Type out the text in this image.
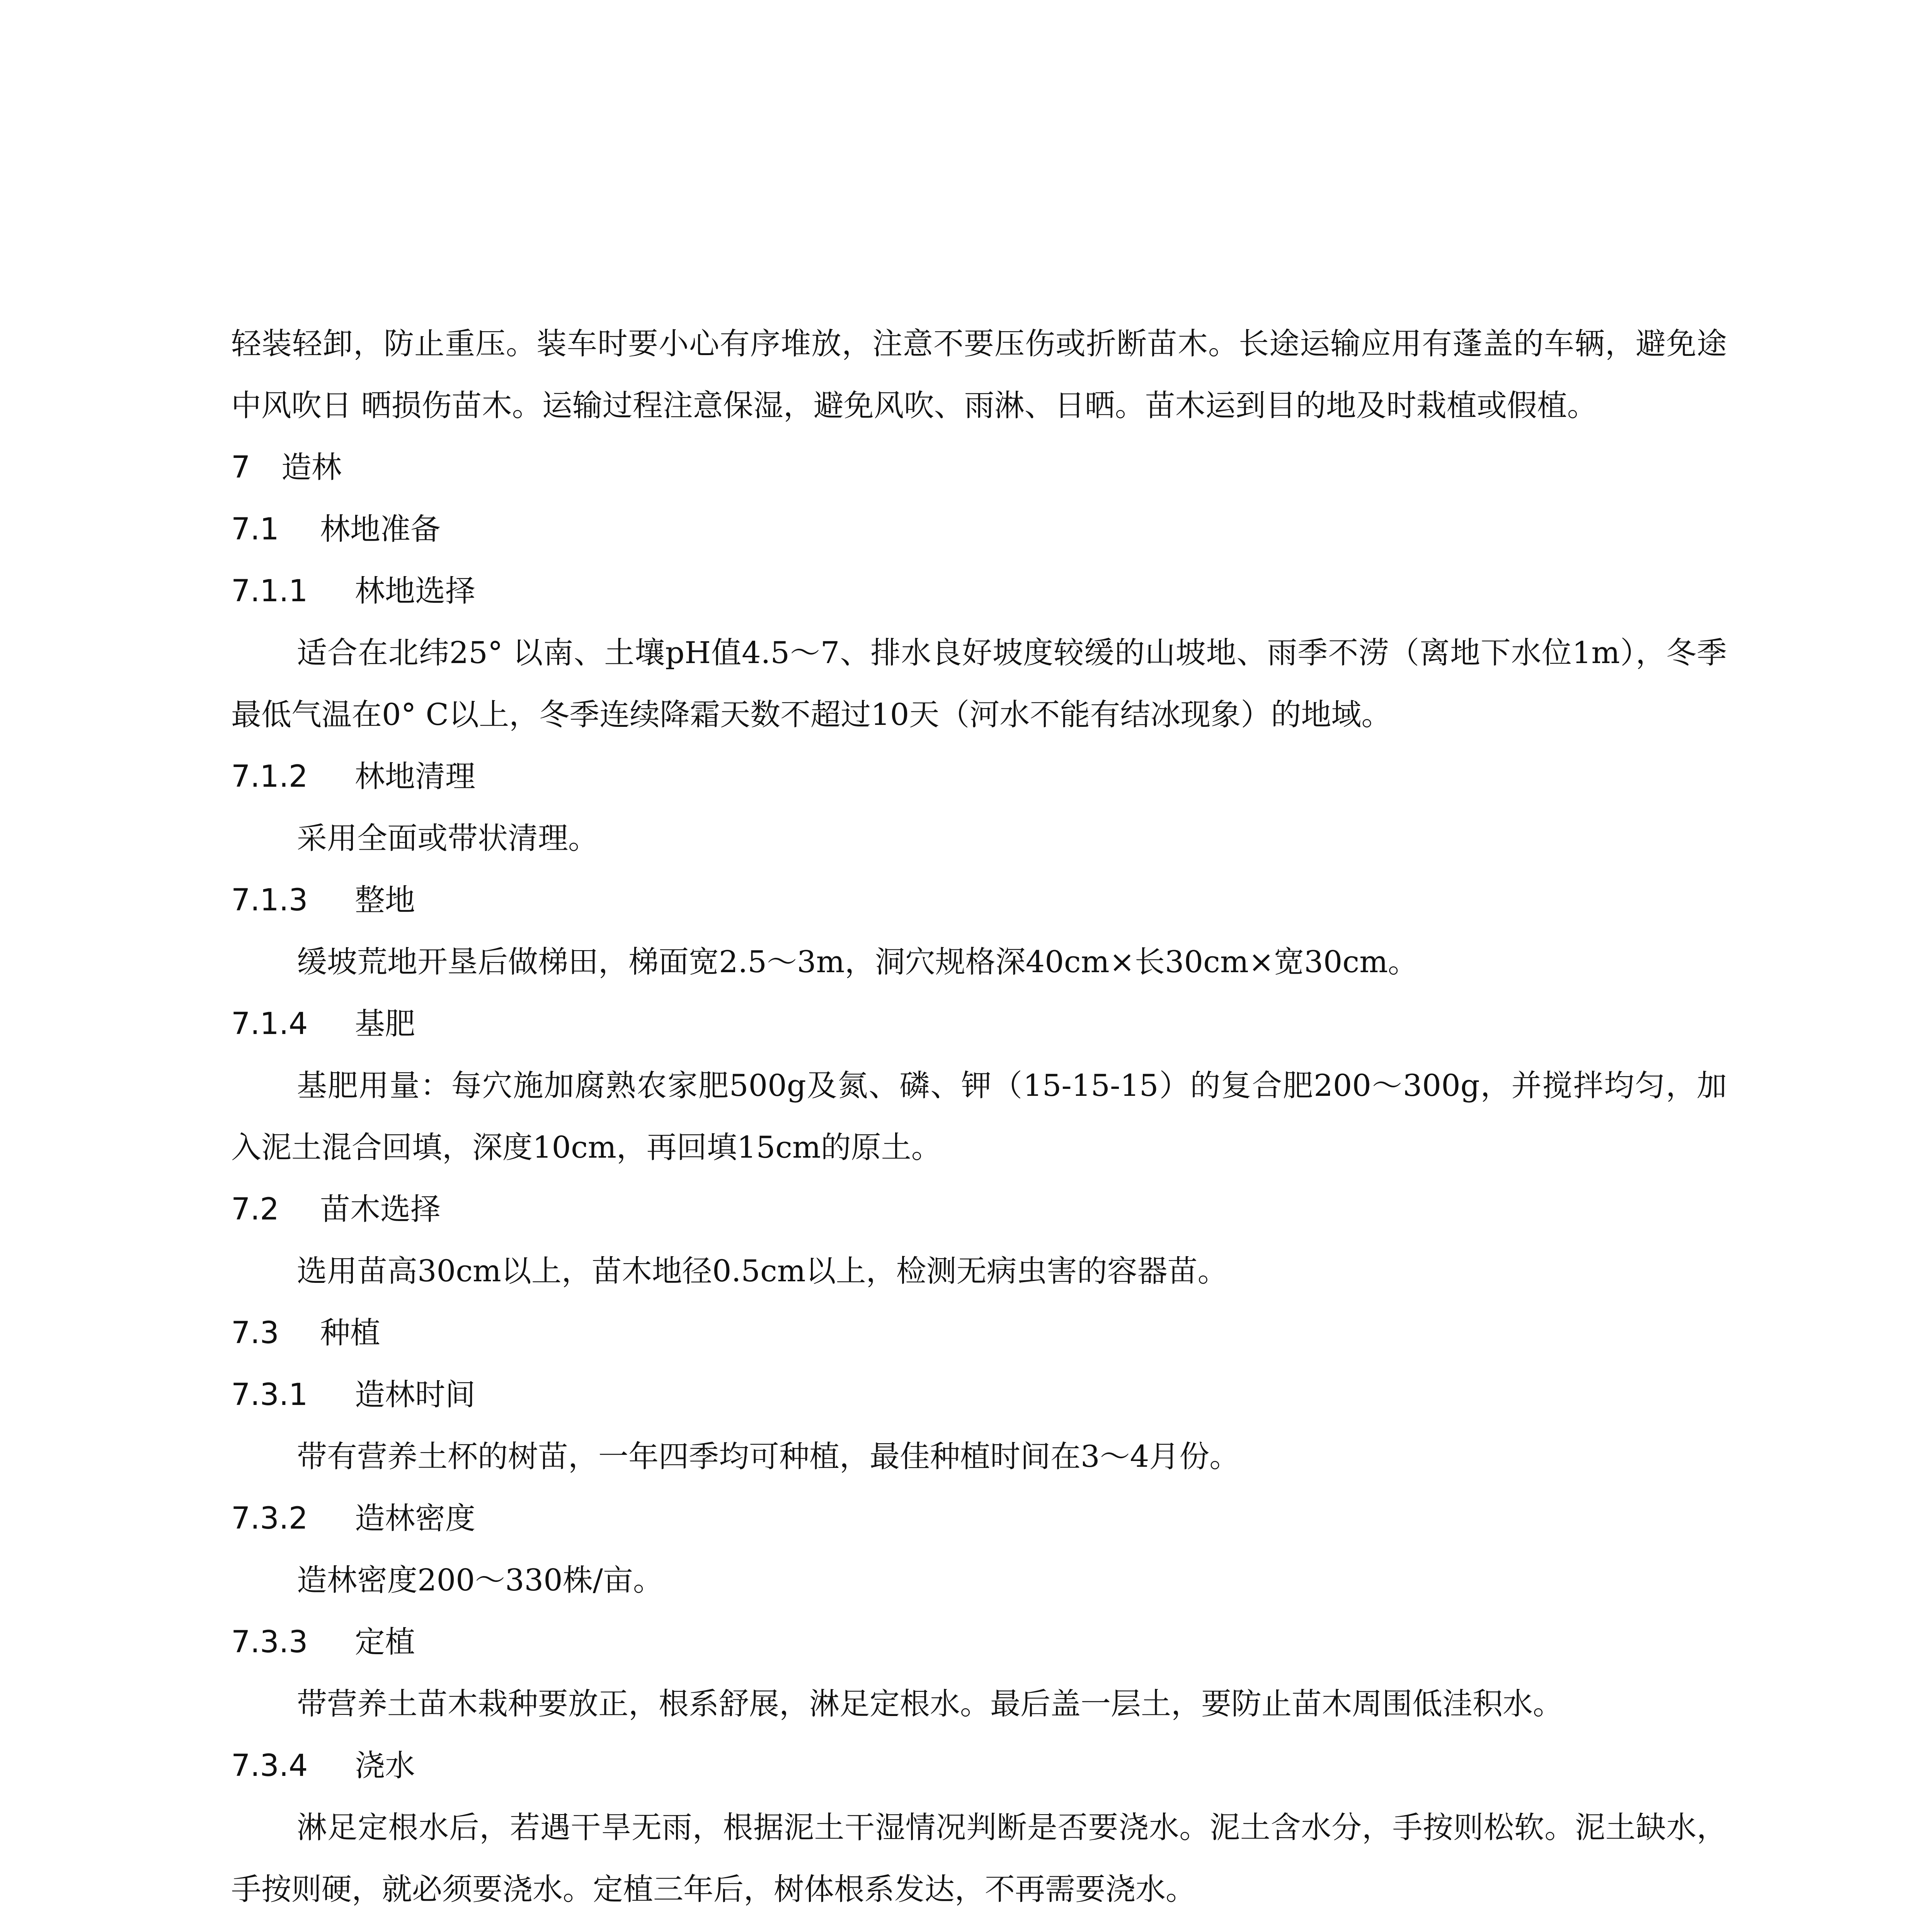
轻装轻卸，防止重压。装车时要小心有序堆放，注意不要压伤或折断苗木。长途运输应用有蓬盖的车辆，避免途中风吹日 晒损伤苗木。运输过程注意保湿，避免风吹、雨淋、日晒。苗木运到目的地及时栽植或假植。

7 造林
7.1 林地准备
7.1.1 林地选择

适合在北纬25° 以南、土壤pH值4.5～7、排水良好坡度较缓的山坡地、雨季不涝（离地下水位1m），冬季最低气温在0° C以上，冬季连续降霜天数不超过10天（河水不能有结冰现象）的地域。

7.1.2 林地清理

采用全面或带状清理。

7.1.3 整地

缓坡荒地开垦后做梯田，梯面宽2.5～3m，洞穴规格深40cm×长30cm×宽30cm。

7.1.4 基肥

基肥用量：每穴施加腐熟农家肥500g及氮、磷、钾（15-15-15）的复合肥200～300g，并搅拌均匀，加入泥土混合回填，深度10cm，再回填15cm的原土。

7.2 苗木选择

选用苗高30cm以上，苗木地径0.5cm以上，检测无病虫害的容器苗。

7.3 种植
7.3.1 造林时间

带有营养土杯的树苗，一年四季均可种植，最佳种植时间在3～4月份。

7.3.2 造林密度

造林密度200～330株/亩。

7.3.3 定植

带营养土苗木栽种要放正，根系舒展，淋足定根水。最后盖一层土，要防止苗木周围低洼积水。

7.3.4 浇水

淋足定根水后，若遇干旱无雨，根据泥土干湿情况判断是否要浇水。泥土含水分，手按则松软。泥土缺水，手按则硬，就必须要浇水。定植三年后，树体根系发达，不再需要浇水。
